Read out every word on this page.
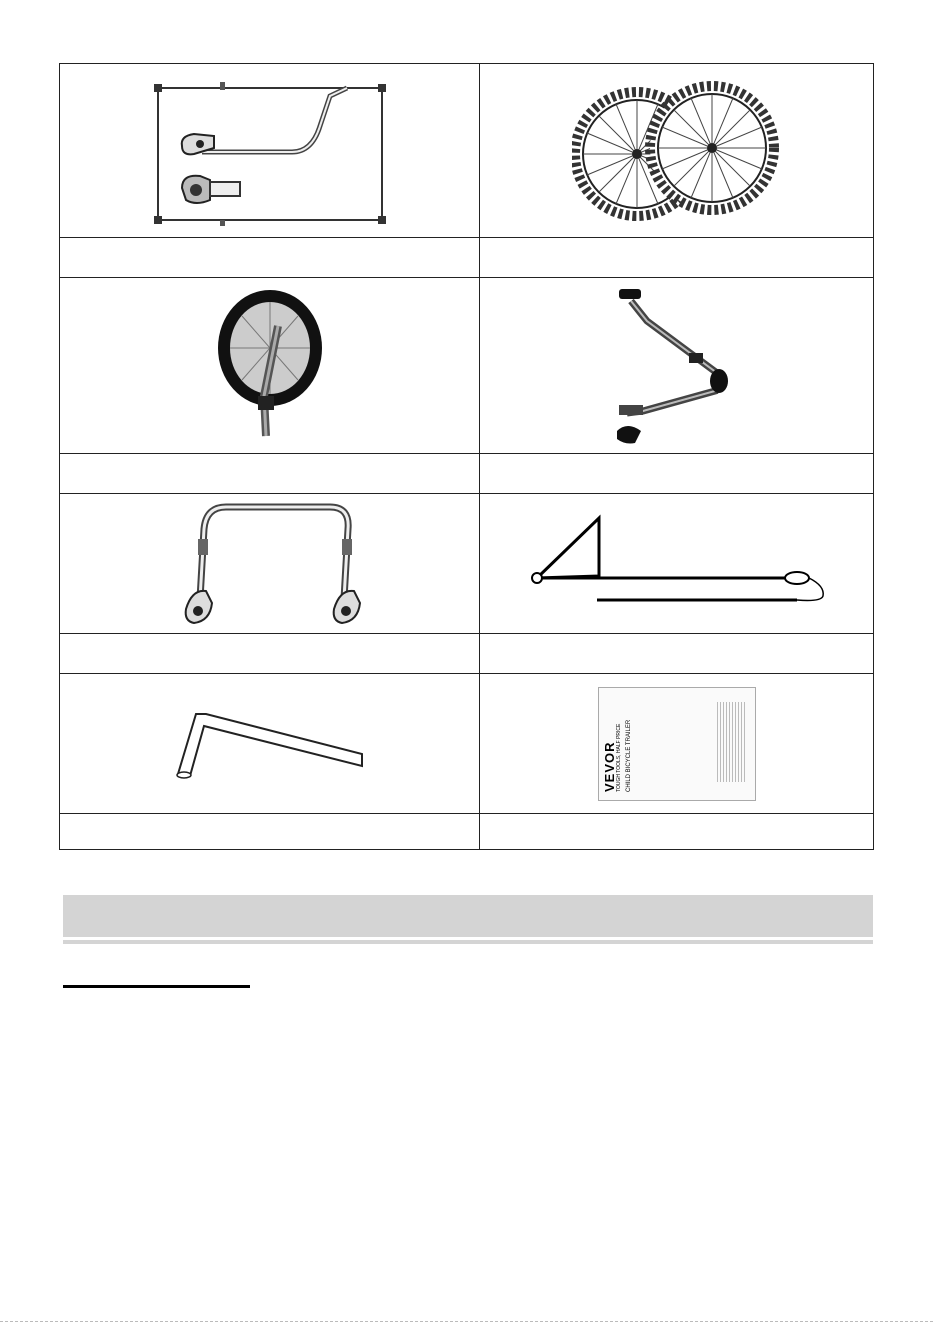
VEVOR
TOUGH TOOLS, HALF PRICE CHILD BICYCLE TRAILER
